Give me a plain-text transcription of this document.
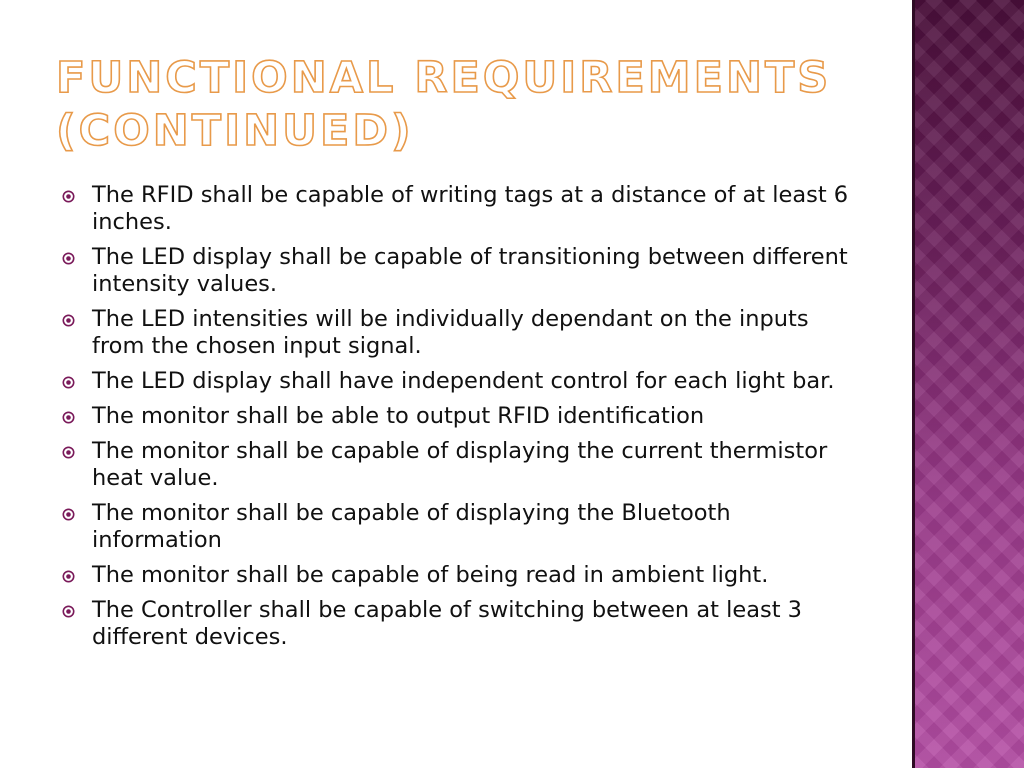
FUNCTIONAL REQUIREMENTS (CONTINUED)
The RFID shall be capable of writing tags at a distance of at least 6 inches.
The LED display shall be capable of transitioning between different intensity values.
The LED intensities will be individually dependant on the inputs from the chosen input signal.
The LED display shall have independent control for each light bar.
The monitor shall be able to output RFID identification
The monitor shall be capable of displaying the current thermistor heat value.
The monitor shall be capable of displaying the Bluetooth information
The monitor shall be capable of being read in ambient light.
The Controller shall be capable of switching between at least 3 different devices.
